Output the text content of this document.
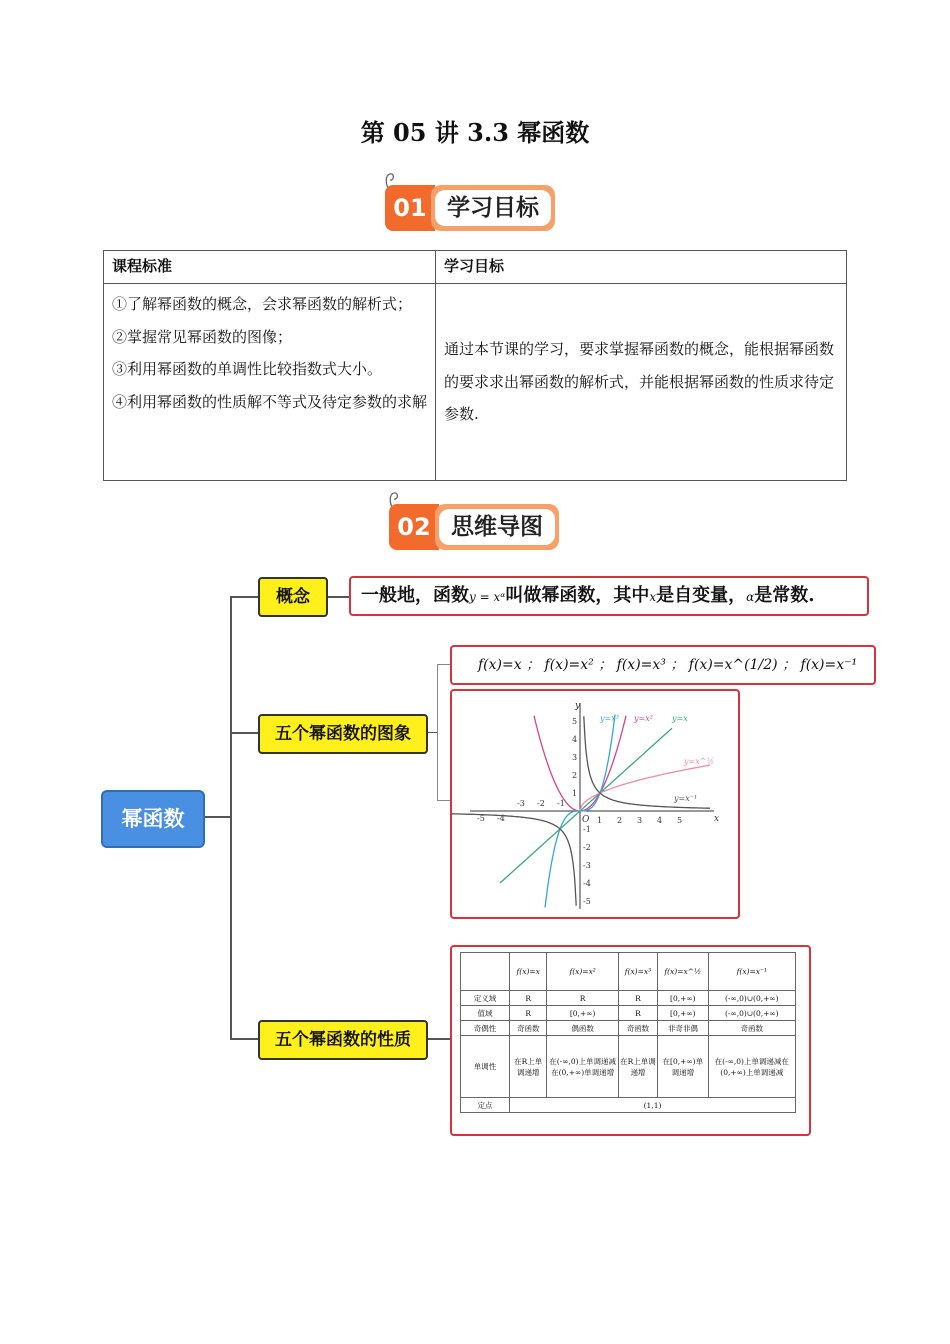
第 05 讲 3.3 幂函数
01 学习目标
课程标准	学习目标

①了解幂函数的概念，会求幂函数的解析式；

②掌握常见幂函数的图像；

③利用幂函数的单调性比较指数式大小。

④利用幂函数的性质解不等式及待定参数的求解	通过本节课的学习，要求掌握幂函数的概念，能根据幂函数的要求求出幂函数的解析式，并能根据幂函数的性质求待定参数.
02 思维导图
幂函数
概念	一般地，函数y = xᵅ叫做幂函数，其中x是自变量，α是常数.
五个幂函数的图象
f(x)=x ； f(x)=x² ； f(x)=x³ ； f(x)=x^(1/2) ； f(x)=x⁻¹
x
y
O
-5 -4
-3 -2 -1
1 2 3 4 5
5
4
3
2
1
-1
-2
-3
-4
-5
y=x³ y=x² y=x
y=x^½
y=x⁻¹
五个幂函数的性质
	f(x)=x	f(x)=x²	f(x)=x³	f(x)=x^½	f(x)=x⁻¹
定义域	R	R	R	[0,+∞)	(-∞,0)∪(0,+∞)
值域	R	[0,+∞)	R	[0,+∞)	(-∞,0)∪(0,+∞)
奇偶性	奇函数	偶函数	奇函数	非奇非偶	奇函数
单调性	在R上单调递增	在(-∞,0)上单调递减在(0,+∞)单调递增	在R上单调递增	在[0,+∞)单调递增	在(-∞,0)上单调递减在(0,+∞)上单调递减
定点	(1,1)				
